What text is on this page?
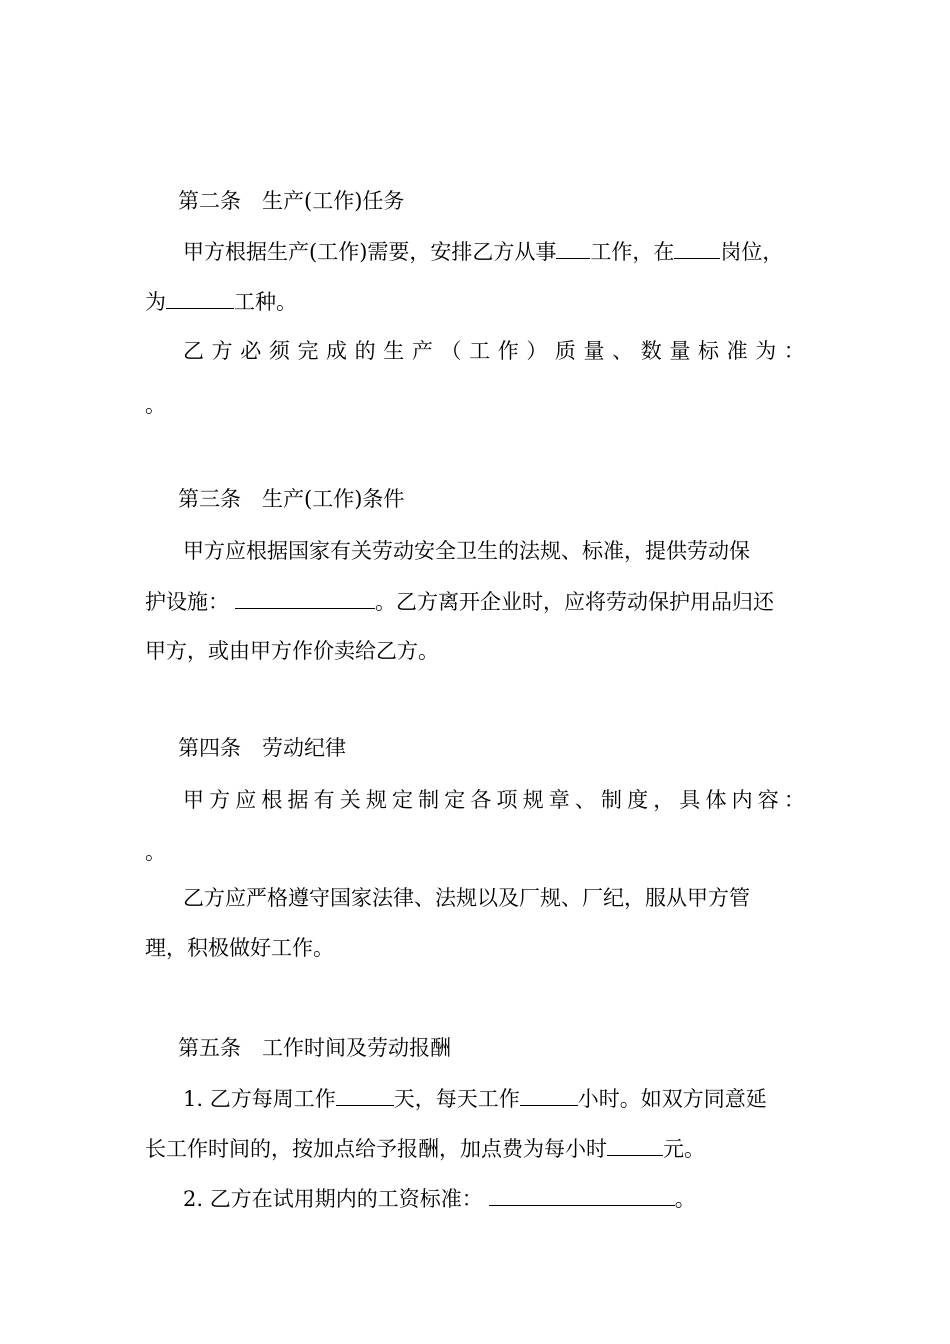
第二条　生产(工作)任务
甲方根据生产(工作)需要，安排乙方从事 工作，在 岗位，
为	工种。
乙 方 必 须 完 成 的 生 产 （ 工 作 ） 质 量 、 数 量 标 准 为 ：
。
第三条　生产(工作)条件
甲方应根据国家有关劳动安全卫生的法规、标准，提供劳动保
护设施：	。乙方离开企业时，应将劳动保护用品归还
甲方，或由甲方作价卖给乙方。
第四条　劳动纪律
甲 方 应 根 据 有 关 规 定 制 定 各 项 规 章 、 制 度 ， 具 体 内 容 ：
。
乙方应严格遵守国家法律、法规以及厂规、厂纪，服从甲方管
理，积极做好工作。
第五条　工作时间及劳动报酬
1. 乙方每周工作	天，每天工作	小时。如双方同意延
长工作时间的，按加点给予报酬，加点费为每小时	元。
2. 乙方在试用期内的工资标准：	。
